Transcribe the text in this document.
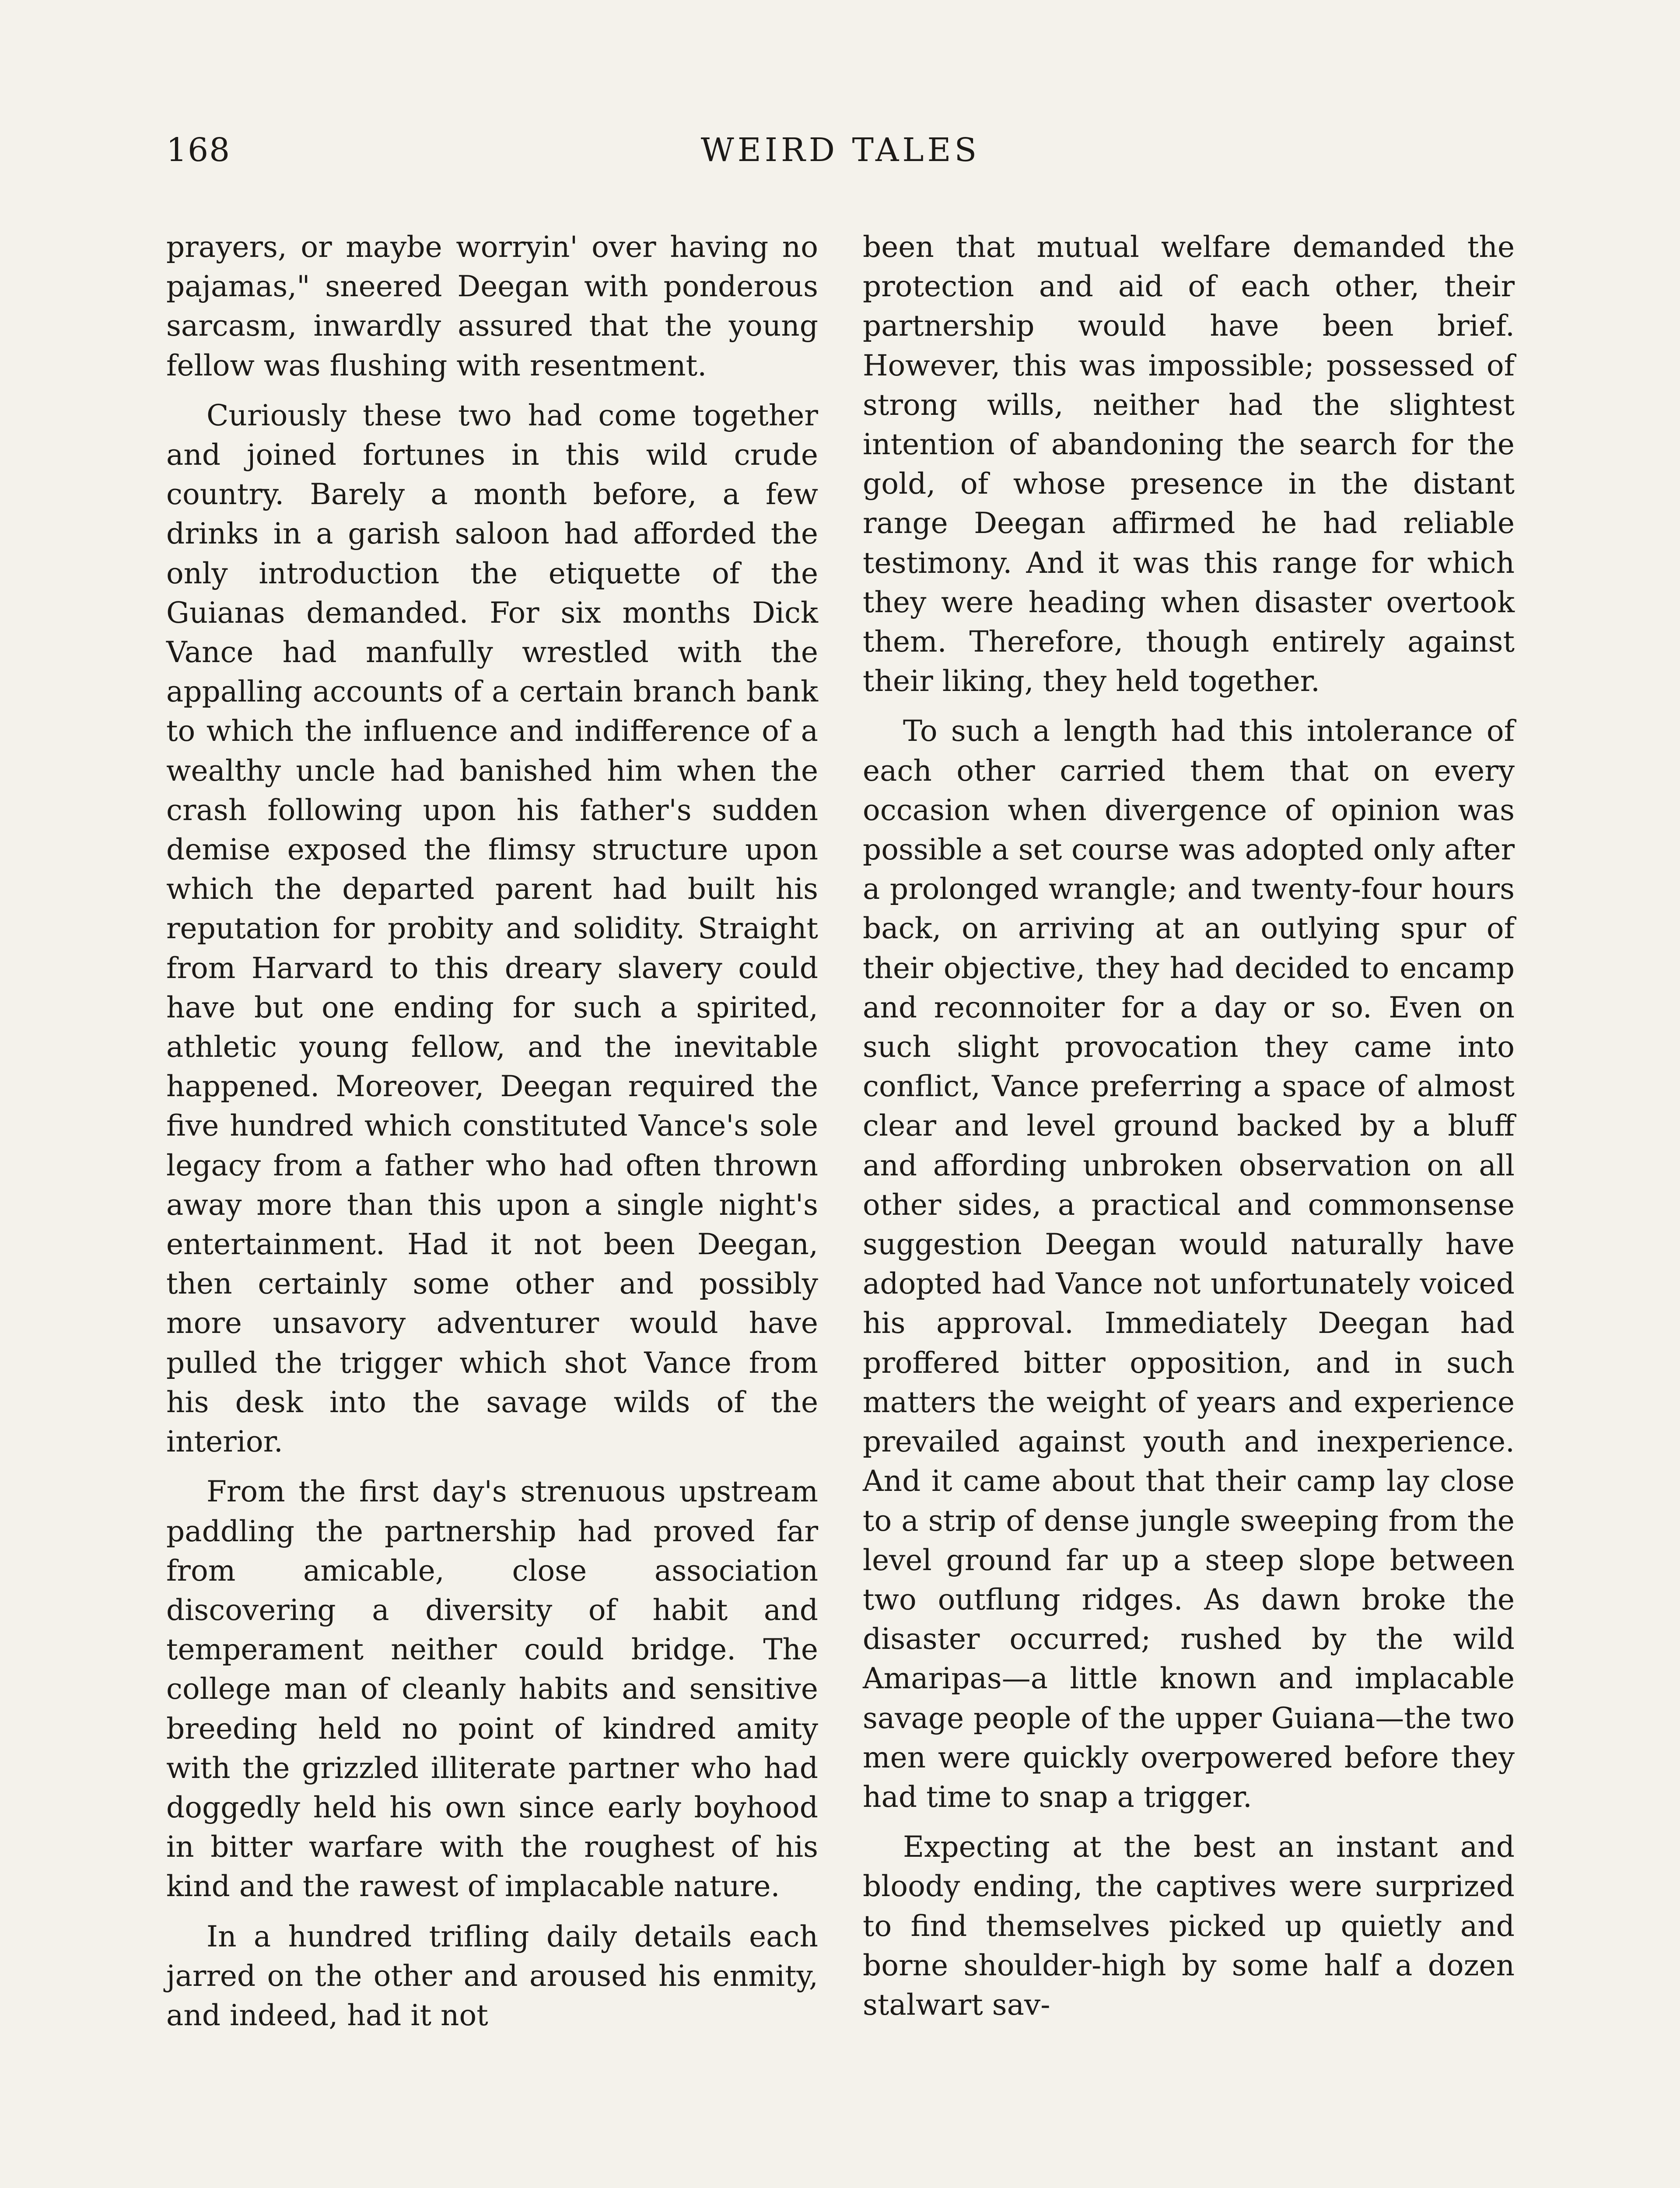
168	WEIRD TALES

prayers, or maybe worryin' over having no pajamas," sneered Deegan with ponderous sarcasm, inwardly assured that the young fellow was flushing with resentment.

Curiously these two had come together and joined fortunes in this wild crude country. Barely a month before, a few drinks in a garish saloon had afforded the only introduction the etiquette of the Guianas demanded. For six months Dick Vance had manfully wrestled with the appalling accounts of a certain branch bank to which the influence and indifference of a wealthy uncle had banished him when the crash following upon his father's sudden demise exposed the flimsy structure upon which the departed parent had built his reputation for probity and solidity. Straight from Harvard to this dreary slavery could have but one ending for such a spirited, athletic young fellow, and the inevitable happened. Moreover, Deegan required the five hundred which constituted Vance's sole legacy from a father who had often thrown away more than this upon a single night's entertainment. Had it not been Deegan, then certainly some other and possibly more unsavory adventurer would have pulled the trigger which shot Vance from his desk into the savage wilds of the interior.

From the first day's strenuous upstream paddling the partnership had proved far from amicable, close association discovering a diversity of habit and temperament neither could bridge. The college man of cleanly habits and sensitive breeding held no point of kindred amity with the grizzled illiterate partner who had doggedly held his own since early boyhood in bitter warfare with the roughest of his kind and the rawest of implacable nature.

In a hundred trifling daily details each jarred on the other and aroused his enmity, and indeed, had it not

been that mutual welfare demanded the protection and aid of each other, their partnership would have been brief. However, this was impossible; possessed of strong wills, neither had the slightest intention of abandoning the search for the gold, of whose presence in the distant range Deegan affirmed he had reliable testimony. And it was this range for which they were heading when disaster overtook them. Therefore, though entirely against their liking, they held together.

To such a length had this intolerance of each other carried them that on every occasion when divergence of opinion was possible a set course was adopted only after a prolonged wrangle; and twenty-four hours back, on arriving at an outlying spur of their objective, they had decided to encamp and reconnoiter for a day or so. Even on such slight provocation they came into conflict, Vance preferring a space of almost clear and level ground backed by a bluff and affording unbroken observation on all other sides, a practical and commonsense suggestion Deegan would naturally have adopted had Vance not unfortunately voiced his approval. Immediately Deegan had proffered bitter opposition, and in such matters the weight of years and experience prevailed against youth and inexperience. And it came about that their camp lay close to a strip of dense jungle sweeping from the level ground far up a steep slope between two outflung ridges. As dawn broke the disaster occurred; rushed by the wild Amaripas—a little known and implacable savage people of the upper Guiana—the two men were quickly overpowered before they had time to snap a trigger.

Expecting at the best an instant and bloody ending, the captives were surprized to find themselves picked up quietly and borne shoulder-high by some half a dozen stalwart sav-
